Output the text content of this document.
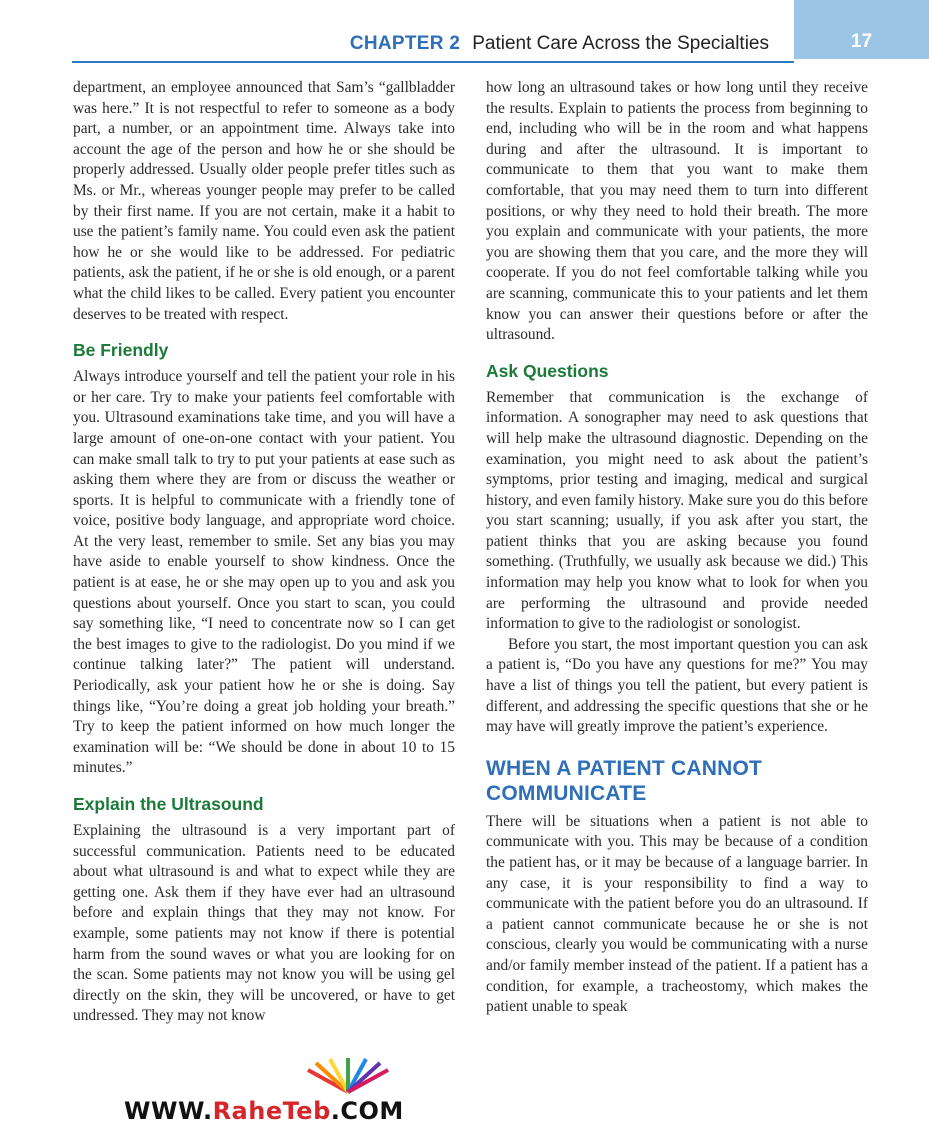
CHAPTER 2 Patient Care Across the Specialties	17

department, an employee announced that Sam’s “gallbladder was here.” It is not respectful to refer to someone as a body part, a number, or an appointment time. Always take into account the age of the person and how he or she should be properly addressed. Usually older people prefer titles such as Ms. or Mr., whereas younger people may prefer to be called by their first name. If you are not certain, make it a habit to use the patient’s family name. You could even ask the patient how he or she would like to be addressed. For pediatric patients, ask the patient, if he or she is old enough, or a parent what the child likes to be called. Every patient you encounter deserves to be treated with respect.

Be Friendly

Always introduce yourself and tell the patient your role in his or her care. Try to make your patients feel comfortable with you. Ultrasound examinations take time, and you will have a large amount of one-on-one contact with your patient. You can make small talk to try to put your patients at ease such as asking them where they are from or discuss the weather or sports. It is helpful to communicate with a friendly tone of voice, positive body language, and appropriate word choice. At the very least, remember to smile. Set any bias you may have aside to enable yourself to show kindness. Once the patient is at ease, he or she may open up to you and ask you questions about yourself. Once you start to scan, you could say something like, “I need to concentrate now so I can get the best images to give to the radiologist. Do you mind if we continue talking later?” The patient will understand. Periodically, ask your patient how he or she is doing. Say things like, “You’re doing a great job holding your breath.” Try to keep the patient informed on how much longer the examination will be: “We should be done in about 10 to 15 minutes.”

Explain the Ultrasound

Explaining the ultrasound is a very important part of successful communication. Patients need to be educated about what ultrasound is and what to expect while they are getting one. Ask them if they have ever had an ultrasound before and explain things that they may not know. For example, some patients may not know if there is potential harm from the sound waves or what you are looking for on the scan. Some patients may not know you will be using gel directly on the skin, they will be uncovered, or have to get undressed. They may not know

how long an ultrasound takes or how long until they receive the results. Explain to patients the process from beginning to end, including who will be in the room and what happens during and after the ultrasound. It is important to communicate to them that you want to make them comfortable, that you may need them to turn into different positions, or why they need to hold their breath. The more you explain and communicate with your patients, the more you are showing them that you care, and the more they will cooperate. If you do not feel comfortable talking while you are scanning, communicate this to your patients and let them know you can answer their questions before or after the ultrasound.

Ask Questions

Remember that communication is the exchange of information. A sonographer may need to ask questions that will help make the ultrasound diagnostic. Depending on the examination, you might need to ask about the patient’s symptoms, prior testing and imaging, medical and surgical history, and even family history. Make sure you do this before you start scanning; usually, if you ask after you start, the patient thinks that you are asking because you found something. (Truthfully, we usually ask because we did.) This information may help you know what to look for when you are performing the ultrasound and provide needed information to give to the radiologist or sonologist.

Before you start, the most important question you can ask a patient is, “Do you have any questions for me?” You may have a list of things you tell the patient, but every patient is different, and addressing the specific questions that she or he may have will greatly improve the patient’s experience.

WHEN A PATIENT CANNOT
COMMUNICATE

There will be situations when a patient is not able to communicate with you. This may be because of a condition the patient has, or it may be because of a language barrier. In any case, it is your responsibility to find a way to communicate with the patient before you do an ultrasound. If a patient cannot communicate because he or she is not conscious, clearly you would be communicating with a nurse and/or family member instead of the patient. If a patient has a condition, for example, a tracheostomy, which makes the patient unable to speak

WWW.RaheTeb.COM
